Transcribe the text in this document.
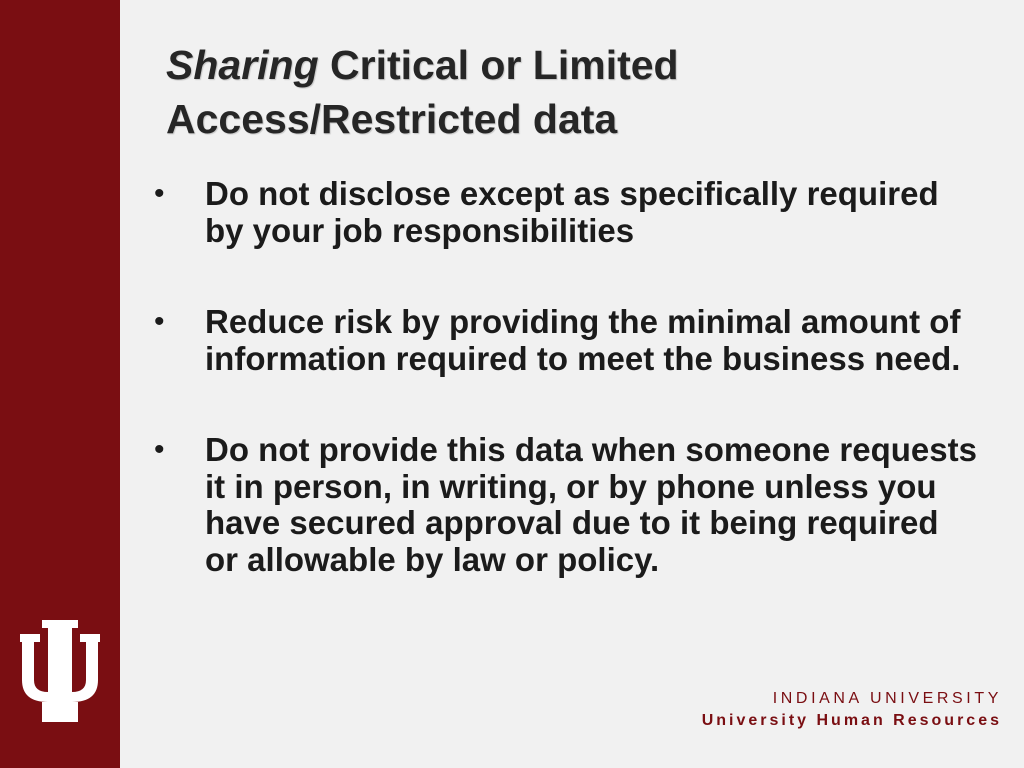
Sharing Critical or Limited Access/Restricted data
• Do not disclose except as specifically required by your job responsibilities
• Reduce risk by providing the minimal amount of information required to meet the business need.
• Do not provide this data when someone requests it in person, in writing, or by phone unless you have secured approval due to it being required or allowable by law or policy.
INDIANA UNIVERSITY
University Human Resources
